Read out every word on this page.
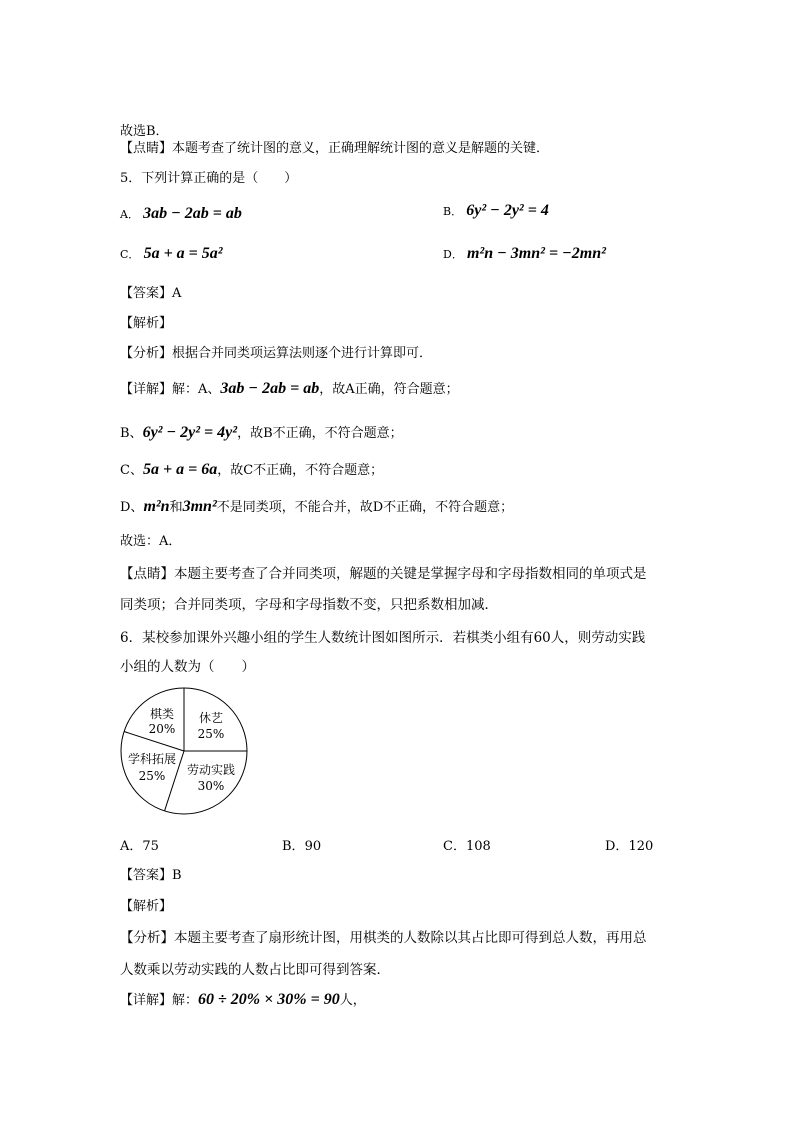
故选B．
【点睛】本题考查了统计图的意义，正确理解统计图的意义是解题的关键．
5．下列计算正确的是（　　）
A． 3ab − 2ab = ab	B． 6y² − 2y² = 4
C． 5a + a = 5a²	D． m²n − 3mn² = −2mn²
【答案】A
【解析】
【分析】根据合并同类项运算法则逐个进行计算即可．
【详解】解：A、3ab − 2ab = ab，故A正确，符合题意；
B、6y² − 2y² = 4y²，故B不正确，不符合题意；
C、5a + a = 6a，故C不正确，不符合题意；
D、m²n和3mn²不是同类项，不能合并，故D不正确，不符合题意；
故选：A．
【点睛】本题主要考查了合并同类项，解题的关键是掌握字母和字母指数相同的单项式是
同类项；合并同类项，字母和字母指数不变，只把系数相加减．
6．某校参加课外兴趣小组的学生人数统计图如图所示．若棋类小组有60人，则劳动实践
小组的人数为（　　）
棋类
20%
休艺
25%
学科拓展
25% 劳动实践
30%
A．75	B．90	C．108	D．120
【答案】B
【解析】
【分析】本题主要考查了扇形统计图，用棋类的人数除以其占比即可得到总人数，再用总
人数乘以劳动实践的人数占比即可得到答案．
【详解】解：60 ÷ 20% × 30% = 90人，
